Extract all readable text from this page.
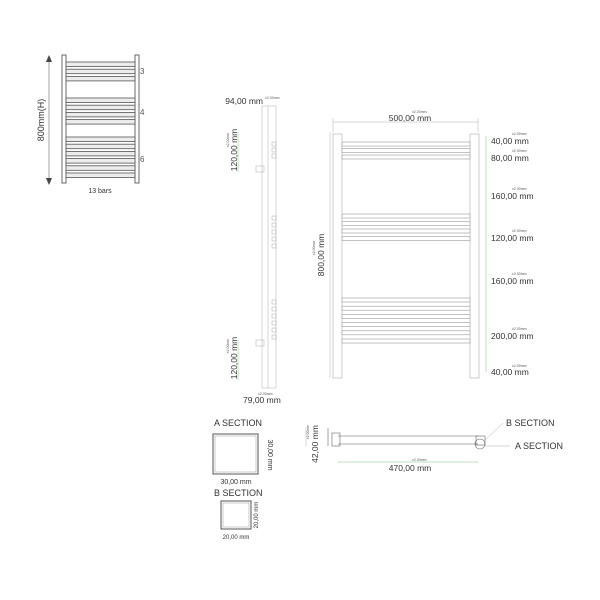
800mm(H)
3
4
6
13 bars
94,00 mm ±2.00mm
120,00 mm
±2.00mm
120,00 mm
±2.00mm
79,00 mm
±2.00mm
500,00 mm
±2.00mm
800,00 mm
±2.00mm
40,00 mm
±2.00mm
80,00 mm
±2.00mm
160,00 mm
±2.00mm
120,00 mm
±2.00mm
160,00 mm
±2.00mm
200,00 mm
±2.00mm
40,00 mm
±2.00mm
42,00 mm
±2.00mm
470,00 mm
±2.00mm
B SECTION
A SECTION
A SECTION
30,00 mm
30,00 mm
B SECTION
20,00 mm
20,00 mm
